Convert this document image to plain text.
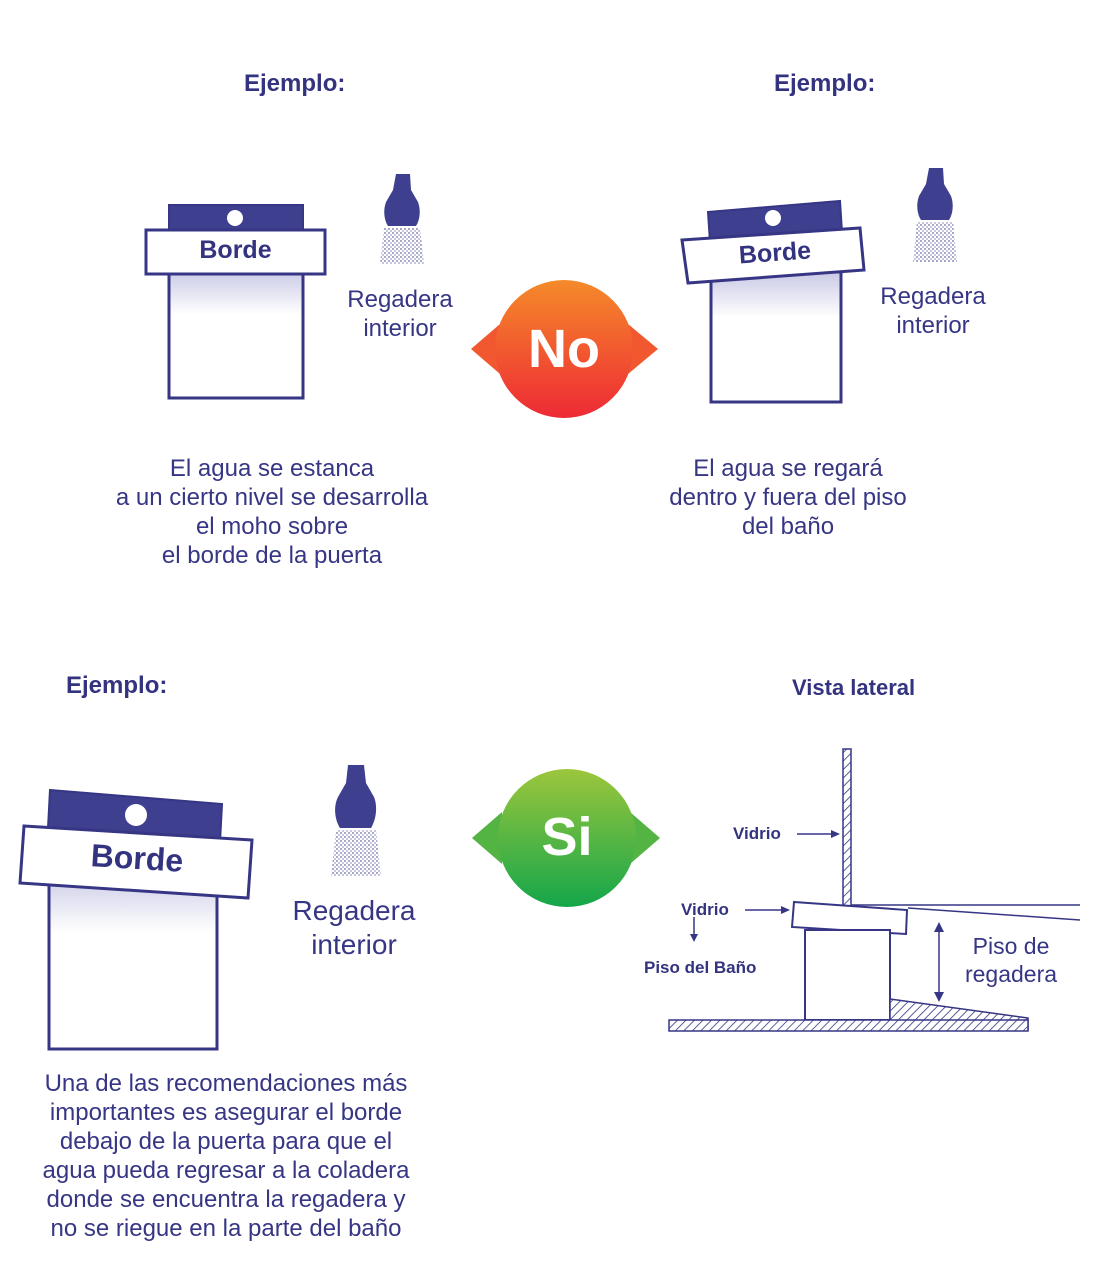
Ejemplo:
Borde
Regadera
interior
El agua se estanca
a un cierto nivel se desarrolla
el moho sobre
el borde de la puerta
Ejemplo:
Borde
Regadera
interior
El agua se regará
dentro y fuera del piso
del baño
No
Ejemplo:
Borde
Regadera
interior
Una de las recomendaciones más
importantes es asegurar el borde
debajo de la puerta para que el
agua pueda regresar a la coladera
donde se encuentra la regadera y
no se riegue en la parte del baño
Si
Vista lateral
Vidrio
Vidrio
Piso del Baño
Piso de
regadera
